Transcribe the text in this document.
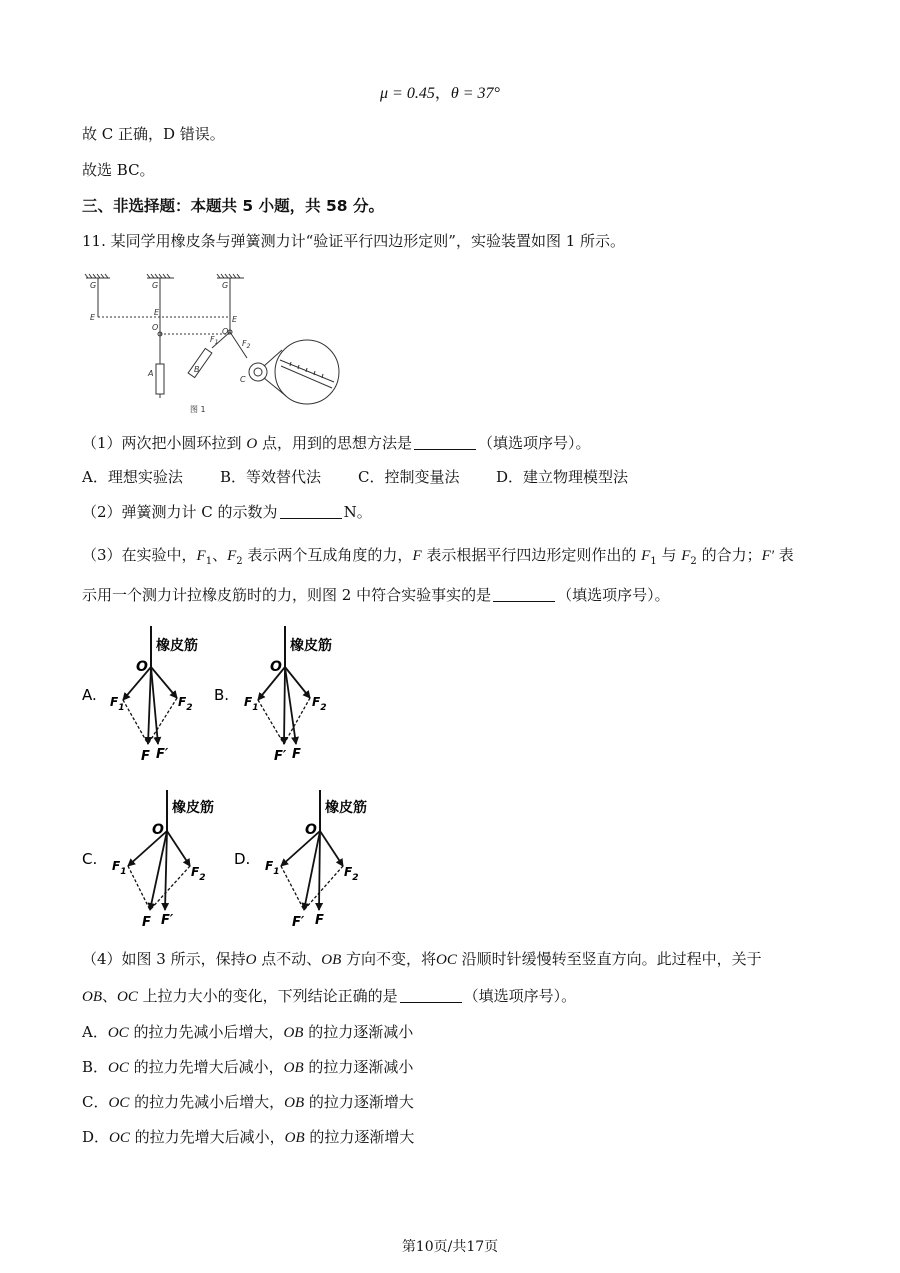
μ = 0.45，θ = 37°
故 C 正确，D 错误。
故选 BC。
三、非选择题：本题共 5 小题，共 58 分。
11. 某同学用橡皮条与弹簧测力计“验证平行四边形定则”，实验装置如图 1 所示。
G	G	G
E
E
E
O	O
A	B
C
$F_1$	$F_2$
图 1
（1）两次把小圆环拉到 O 点，用到的思想方法是	（填选项序号）。
A．理想实验法 B．等效替代法 C．控制变量法 D．建立物理模型法
（2）弹簧测力计 C 的示数为	N。
（3）在实验中，$F_1$、$F_2$ 表示两个互成角度的力，F 表示根据平行四边形定则作出的 $F_1$ 与 $F_2$ 的合力；F′ 表
示用一个测力计拉橡皮筋时的力，则图 2 中符合实验事实的是	（填选项序号）。
橡皮筋
O
$F_1$	$F_2$
F F′
A.
橡皮筋
O
$F_1$	$F_2$
F′ F
B.
橡皮筋
O
$F_1$	$F_2$
F F′
C.
橡皮筋
O
$F_1$	$F_2$
F′ F
D.
（4）如图 3 所示，保持O 点不动、OB 方向不变，将OC 沿顺时针缓慢转至竖直方向。此过程中，关于
OB、OC 上拉力大小的变化，下列结论正确的是	（填选项序号）。
A．OC 的拉力先减小后增大，OB 的拉力逐渐减小
B．OC 的拉力先增大后减小，OB 的拉力逐渐减小
C．OC 的拉力先减小后增大，OB 的拉力逐渐增大
D．OC 的拉力先增大后减小，OB 的拉力逐渐增大
第10页/共17页
